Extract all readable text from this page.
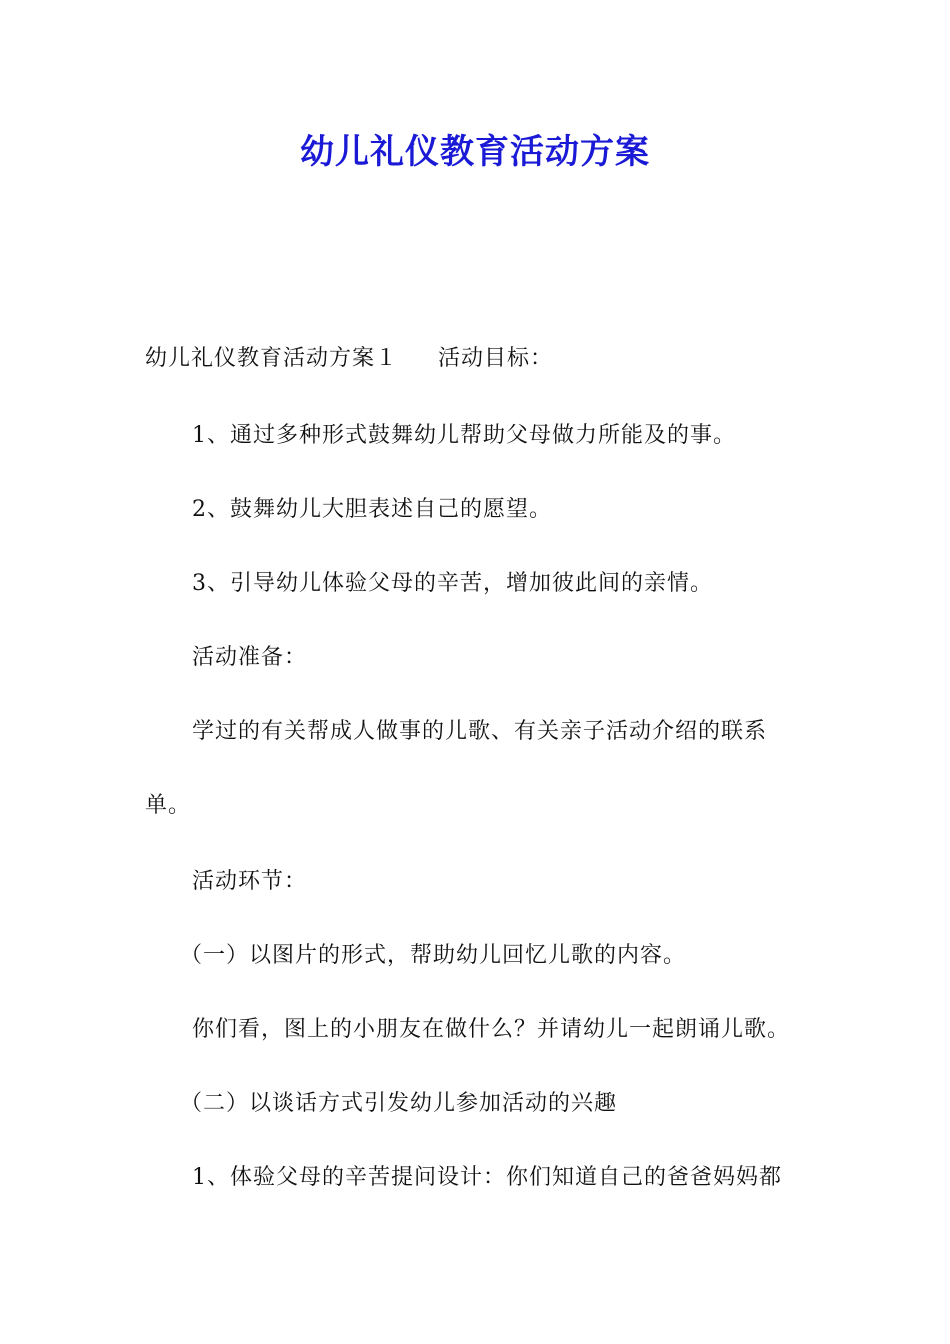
幼儿礼仪教育活动方案
幼儿礼仪教育活动方案１ 活动目标：
1、通过多种形式鼓舞幼儿帮助父母做力所能及的事。
2、鼓舞幼儿大胆表述自己的愿望。
3、引导幼儿体验父母的辛苦，增加彼此间的亲情。
活动准备：
学过的有关帮成人做事的儿歌、有关亲子活动介绍的联系
单。
活动环节：
（一）以图片的形式，帮助幼儿回忆儿歌的内容。
你们看，图上的小朋友在做什么？并请幼儿一起朗诵儿歌。
（二）以谈话方式引发幼儿参加活动的兴趣
1、体验父母的辛苦提问设计：你们知道自己的爸爸妈妈都
